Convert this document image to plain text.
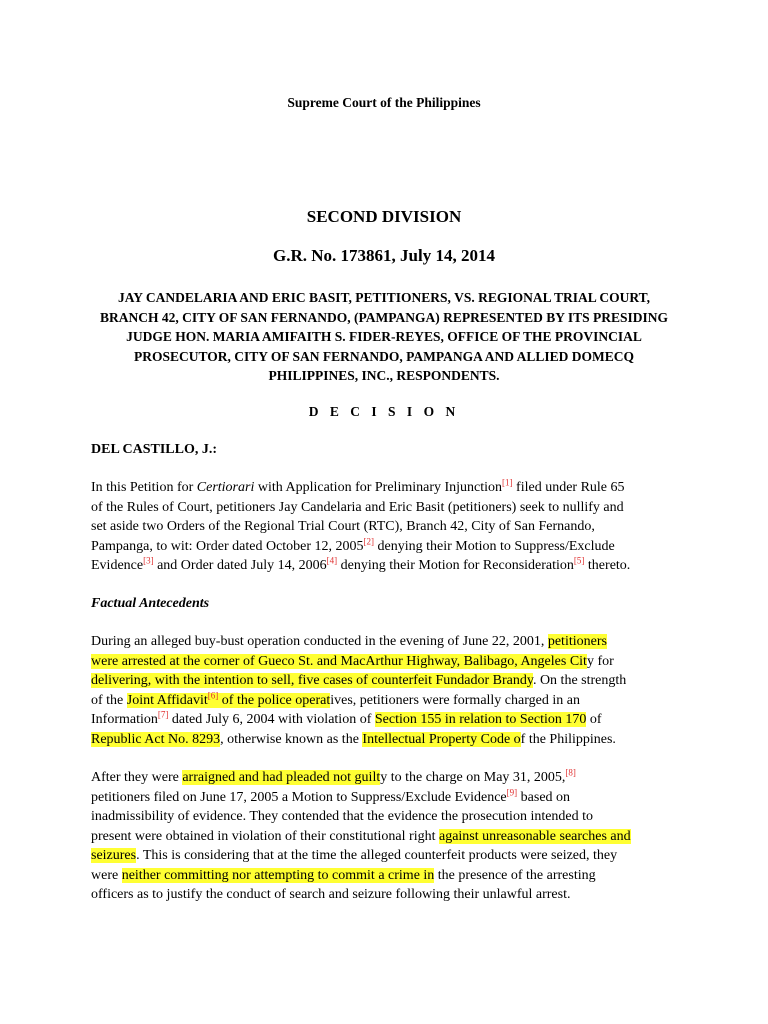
Supreme Court of the Philippines
SECOND DIVISION
G.R. No. 173861, July 14, 2014
JAY CANDELARIA AND ERIC BASIT, PETITIONERS, VS. REGIONAL TRIAL COURT,
BRANCH 42, CITY OF SAN FERNANDO, (PAMPANGA) REPRESENTED BY ITS PRESIDING
JUDGE HON. MARIA AMIFAITH S. FIDER-REYES, OFFICE OF THE PROVINCIAL
PROSECUTOR, CITY OF SAN FERNANDO, PAMPANGA AND ALLIED DOMECQ
PHILIPPINES, INC., RESPONDENTS.
D E C I S I O N
DEL CASTILLO, J.:
In this Petition for Certiorari with Application for Preliminary Injunction[1] filed under Rule 65
of the Rules of Court, petitioners Jay Candelaria and Eric Basit (petitioners) seek to nullify and
set aside two Orders of the Regional Trial Court (RTC), Branch 42, City of San Fernando,
Pampanga, to wit: Order dated October 12, 2005[2] denying their Motion to Suppress/Exclude
Evidence[3] and Order dated July 14, 2006[4] denying their Motion for Reconsideration[5] thereto.
Factual Antecedents
During an alleged buy-bust operation conducted in the evening of June 22, 2001, petitioners
were arrested at the corner of Gueco St. and MacArthur Highway, Balibago, Angeles City for
delivering, with the intention to sell, five cases of counterfeit Fundador Brandy. On the strength
of the Joint Affidavit[6] of the police operatives, petitioners were formally charged in an
Information[7] dated July 6, 2004 with violation of Section 155 in relation to Section 170 of
Republic Act No. 8293, otherwise known as the Intellectual Property Code of the Philippines.
After they were arraigned and had pleaded not guilty to the charge on May 31, 2005,[8]
petitioners filed on June 17, 2005 a Motion to Suppress/Exclude Evidence[9] based on
inadmissibility of evidence. They contended that the evidence the prosecution intended to
present were obtained in violation of their constitutional right against unreasonable searches and
seizures. This is considering that at the time the alleged counterfeit products were seized, they
were neither committing nor attempting to commit a crime in the presence of the arresting
officers as to justify the conduct of search and seizure following their unlawful arrest.
